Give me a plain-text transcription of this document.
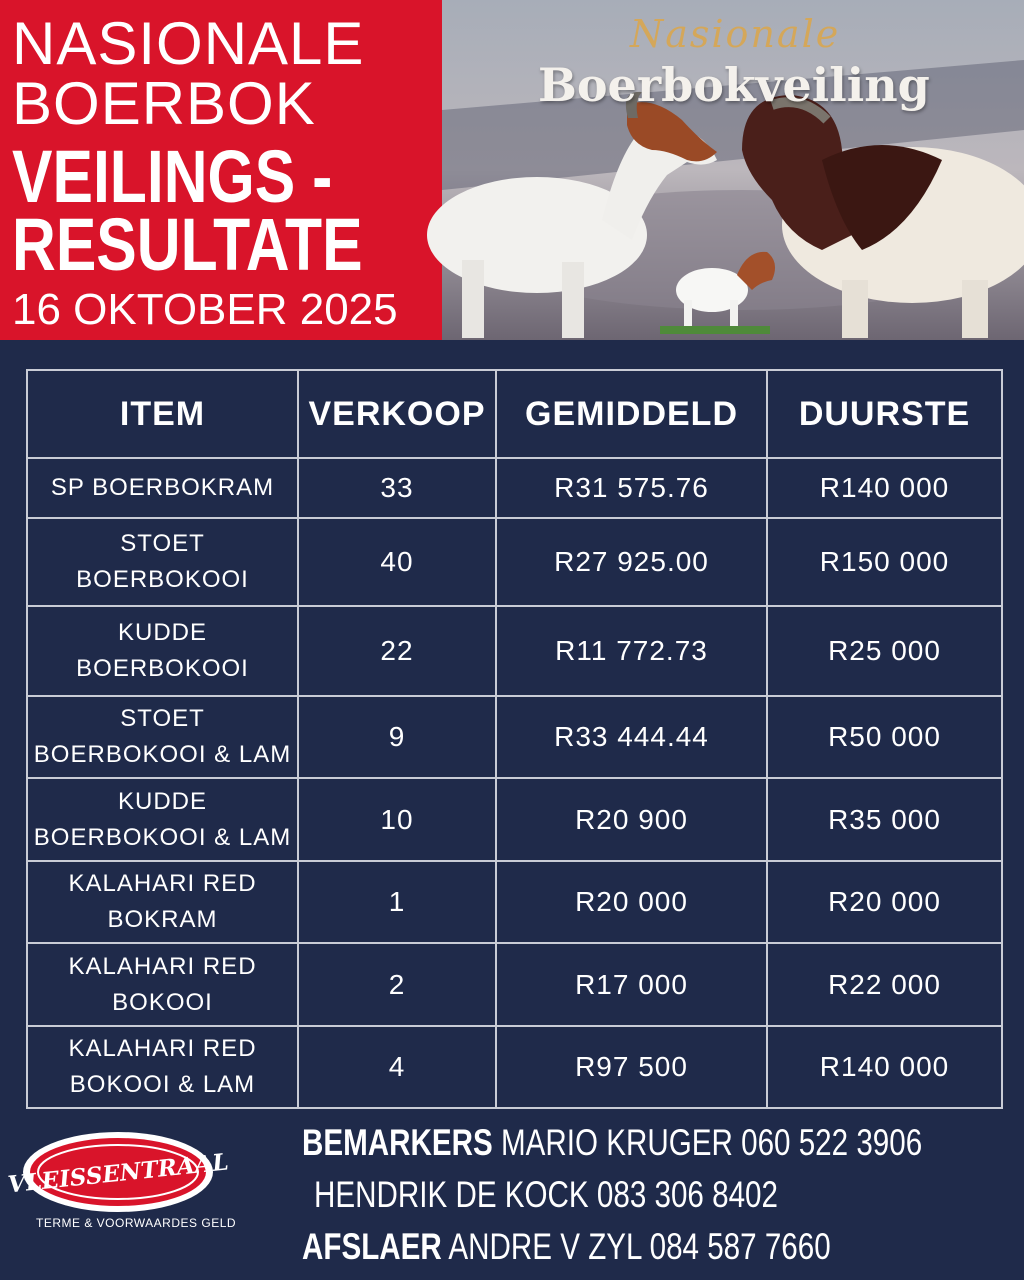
NASIONALE
BOERBOK
VEILINGS -
RESULTATE
16 OKTOBER 2025
Nasionale
Boerbokveiling
ITEM	VERKOOP	GEMIDDELD	DUURSTE
SP BOERBOKRAM	33	R31 575.76	R140 000
STOET
BOERBOKOOI	40	R27 925.00	R150 000
KUDDE
BOERBOKOOI	22	R11 772.73	R25 000
STOET
BOERBOKOOI & LAM	9	R33 444.44	R50 000
KUDDE
BOERBOKOOI & LAM	10	R20 900	R35 000
KALAHARI RED
BOKRAM	1	R20 000	R20 000
KALAHARI RED
BOKOOI	2	R17 000	R22 000
KALAHARI RED
BOKOOI & LAM	4	R97 500	R140 000
VLEISSENTRAAL
TERME & VOORWAARDES GELD
BEMARKERS MARIO KRUGER 060 522 3906
HENDRIK DE KOCK 083 306 8402
AFSLAER ANDRE V ZYL 084 587 7660
